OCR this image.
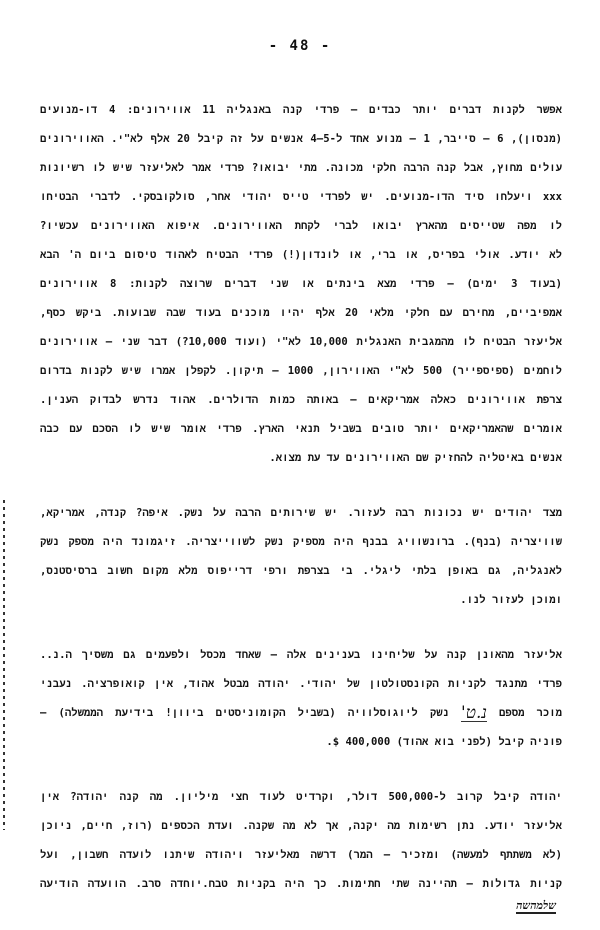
- 48 -
אפשר לקנות דברים יותר כבדים – פרדי קנה באנגליה 11 אווירונים: 4 דו-מנועים
(מנסון), 6 – סייבר, 1 – מנוע אחד ל-5–4 אנשים על זה קיבל 20 אלף לא"י. האווירונים
עולים מחוץ, אבל קנה הרבה חלקי מכונה. מתי יבואו? פרדי אמר לאליעזר שיש לו רשיונות
xxx ויעלחו סיד הדו-מנועים. יש לפרדי טייס יהודי אחר, סולקובסקי. לדברי הבטיחו
לו מפה שטייסים מהארץ יבואו לברי לקחת האווירונים. איפוא האווירונים עכשיו?
לא יודע. אולי בפריס, או ברי, או לונדון(!) פרדי הבטיח לאהוד טיסום ביום ה' הבא
(בעוד 3 ימים) – פרדי מצא בינתים או שני דברים שרוצה לקנות: 8 אווירונים
אמפיביים, מחירם עם חלקי מלאי 20 אלף יהיו מוכנים בעוד שבה שבועות. ביקש כסף,
אליעזר הבטיח לו מהמגבית האנגלית 10,000 לא"י (ועוד 10,000?) דבר שני – אווירונים
לוחמים (ספיספייר) 500 לא"י האווירון, 1000 – תיקון. לקפלן אמרו שיש לקנות בדרום
צרפת אווירונים כאלה אמריקאים – באותה כמות הדולרים. אהוד נדרש לבדוק הענין.
אומרים שהאמריקאים יותר טובים בשביל תנאי הארץ. פרדי אומר שיש לו הסכם עם כבה
אנשים באיטליה להחזיק שם האווירונים עד עת מצוא.
מצד יהודים יש נכונות רבה לעזור. יש שירותים הרבה על נשק. איפה? קנדה, אמריקא,
שוויצריה (בנף). ברונשוויג בבנף היה מספיק נשק לשווייצריה. זיגמונד היה מספק נשק
לאנגליה, גם באופן בלתי ליגלי. בי בצרפת ורפי דרייפוס מלא מקום חשוב ברסיסטנס,
ומוכן לעזור לנו.
אליעזר מהאונן קנה על שליחינו בענינים אלה – שאחד מכסל ולפעמים גם משסיך ה.נ..
פרדי מתנגד לקניות הקונסטולטון של יהודי. יהודה מבטל אהוד, אין קואופרציה. נעבני
מוכר מספם נ.ט' נשק ליוגוסלוויה (בשביל הקומוניסטים ביוון! בידיעת הממשלה) –
פוניה קיבל (לפני בוא אהוד) 400,000 $.
יהודה קיבל קרוב ל-500,000 דולר, וקרדיט לעוד חצי מיליון. מה קנה יהודה? אין
אליעזר יודע. נתן רשימות מה יקנה, אך לא מה שקנה. ועדת הכספים (רוז, חיים, ניוכן
(לא משתתף למעשה) ומזכיר – המר) דרשה מאליעזר ויהודה שיתנו לועדה חשבון, ועל
קניות גדולות – תהיינה שתי חתימות. כך היה בקניות טבח.יוחדה סרב. הוועדה הודיעה
שלמהשה
